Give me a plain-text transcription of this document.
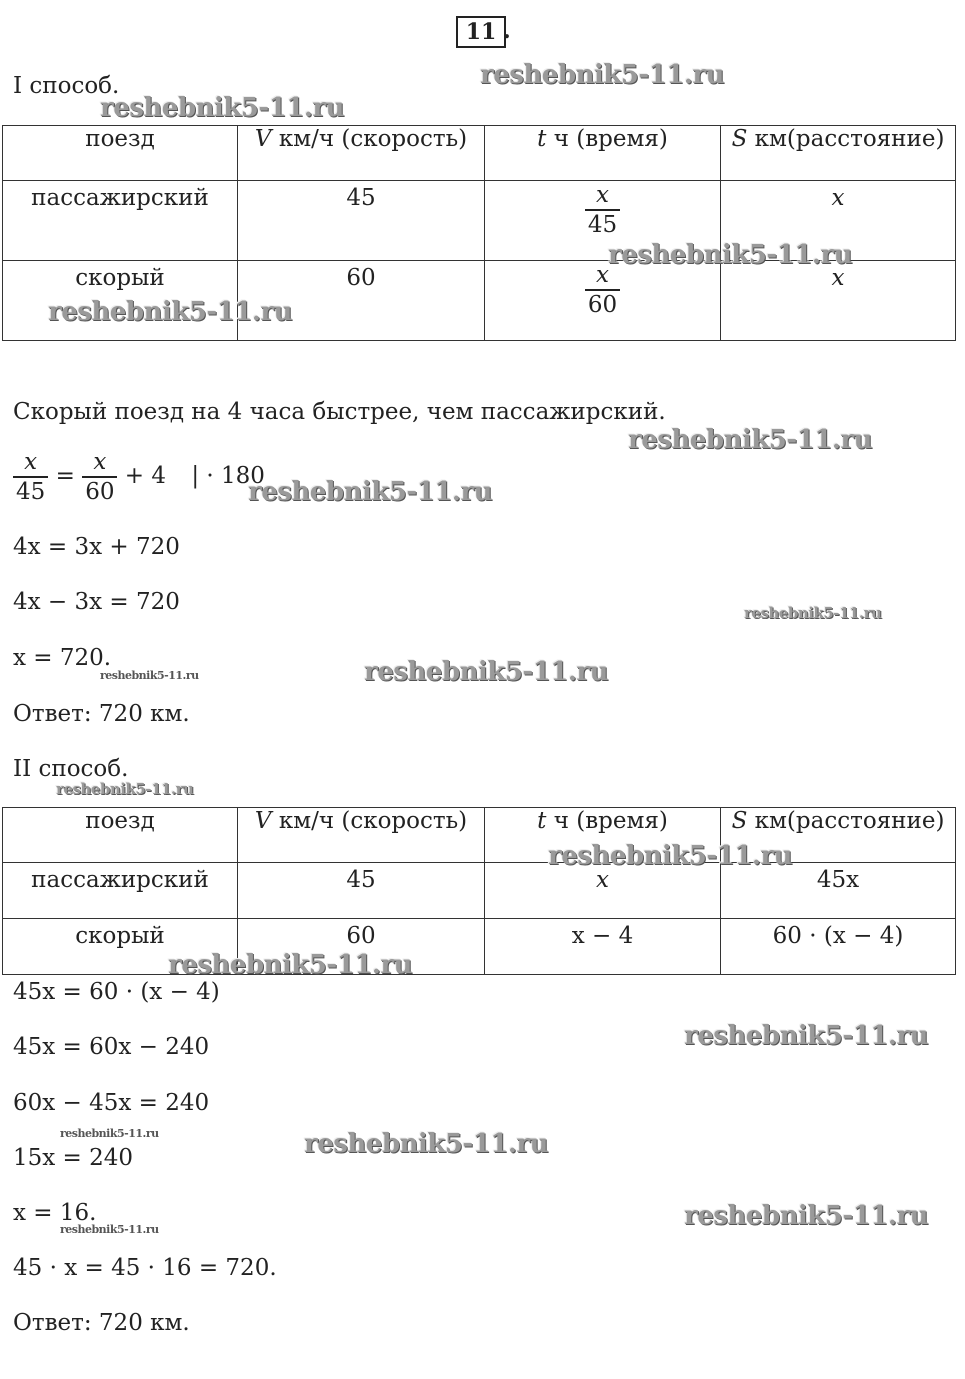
11 .
I способ.
поезд	V км/ч (скорость)	t ч (время)	S км(расстояние)
пассажирский	45	$\frac{x}{45}$	x
скорый	60	$\frac{x}{60}$	x
Скорый поезд на 4 часа быстрее, чем пассажирский.
$\frac{x}{45} = \frac{x}{60} + 4$ | · 180
4x = 3x + 720
4x − 3x = 720
x = 720.
Ответ: 720 км.
II способ.
поезд	V км/ч (скорость)	t ч (время)	S км(расстояние)
пассажирский	45	x	45x
скорый	60	x − 4	60 · (x − 4)
45x = 60 · (x − 4)
45x = 60x − 240
60x − 45x = 240
15x = 240
x = 16.
45 · x = 45 · 16 = 720.
Ответ: 720 км.
reshebnik5-11.ru
reshebnik5-11.ru
reshebnik5-11.ru
reshebnik5-11.ru
reshebnik5-11.ru
reshebnik5-11.ru
reshebnik5-11.ru
reshebnik5-11.ru
reshebnik5-11.ru
reshebnik5-11.ru
reshebnik5-11.ru
reshebnik5-11.ru
reshebnik5-11.ru
reshebnik5-11.ru	reshebnik5-11.ru
reshebnik5-11.ru
reshebnik5-11.ru
